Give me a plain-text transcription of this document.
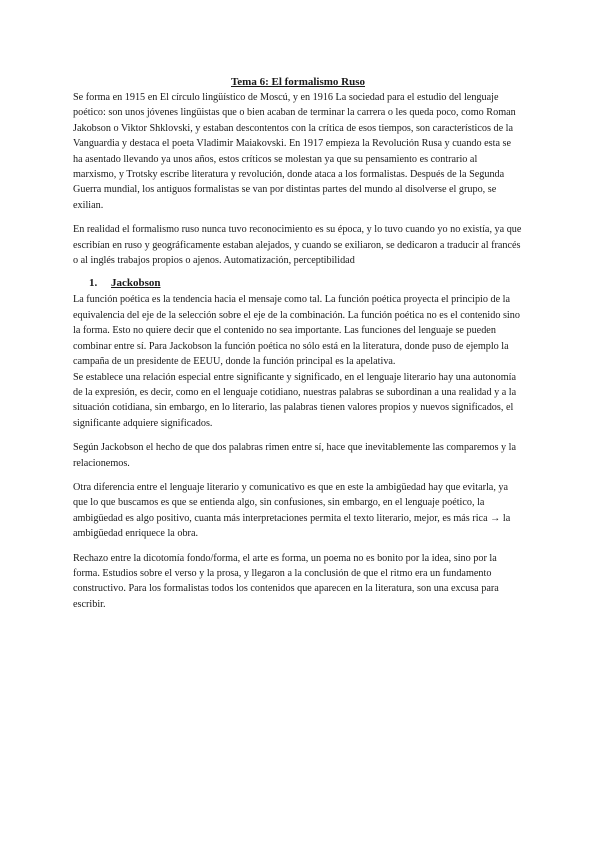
Tema 6: El formalismo Ruso

Se forma en 1915 en El círculo lingüístico de Moscú, y en 1916 La sociedad para el estudio del lenguaje poético: son unos jóvenes lingüistas que o bien acaban de terminar la carrera o les queda poco, como Roman Jakobson o Viktor Shklovski, y estaban descontentos con la crítica de esos tiempos, son característicos de la Vanguardia y destaca el poeta Vladimir Maiakovski. En 1917 empieza la Revolución Rusa y cuando esta se ha asentado llevando ya unos años, estos críticos se molestan ya que su pensamiento es contrario al marxismo, y Trotsky escribe literatura y revolución, donde ataca a los formalistas. Después de la Segunda Guerra mundial, los antiguos formalistas se van por distintas partes del mundo al disolverse el grupo, se exilian.

En realidad el formalismo ruso nunca tuvo reconocimiento es su época, y lo tuvo cuando yo no existía, ya que escribían en ruso y geográficamente estaban alejados, y cuando se exiliaron, se dedicaron a traducir al francés o al inglés trabajos propios o ajenos. Automatización, perceptibilidad

1. Jackobson

La función poética es la tendencia hacia el mensaje como tal. La función poética proyecta el principio de la equivalencia del eje de la selección sobre el eje de la combinación. La función poética no es el contenido sino la forma. Esto no quiere decir que el contenido no sea importante. Las funciones del lenguaje se pueden combinar entre sí. Para Jackobson la función poética no sólo está en la literatura, donde puso de ejemplo la campaña de un presidente de EEUU, donde la función principal es la apelativa.

Se establece una relación especial entre significante y significado, en el lenguaje literario hay una autonomía de la expresión, es decir, como en el lenguaje cotidiano, nuestras palabras se subordinan a una realidad y a la situación cotidiana, sin embargo, en lo literario, las palabras tienen valores propios y nuevos significados, el significante adquiere significados.

Según Jackobson el hecho de que dos palabras rimen entre sí, hace que inevitablemente las comparemos y la relacionemos.

Otra diferencia entre el lenguaje literario y comunicativo es que en este la ambigüedad hay que evitarla, ya que lo que buscamos es que se entienda algo, sin confusiones, sin embargo, en el lenguaje poético, la ambigüedad es algo positivo, cuanta más interpretaciones permita el texto literario, mejor, es más rica → la ambigüedad enriquece la obra.

Rechazo entre la dicotomía fondo/forma, el arte es forma, un poema no es bonito por la idea, sino por la forma. Estudios sobre el verso y la prosa, y llegaron a la conclusión de que el ritmo era un fundamento constructivo. Para los formalistas todos los contenidos que aparecen en la literatura, son una excusa para escribir.
